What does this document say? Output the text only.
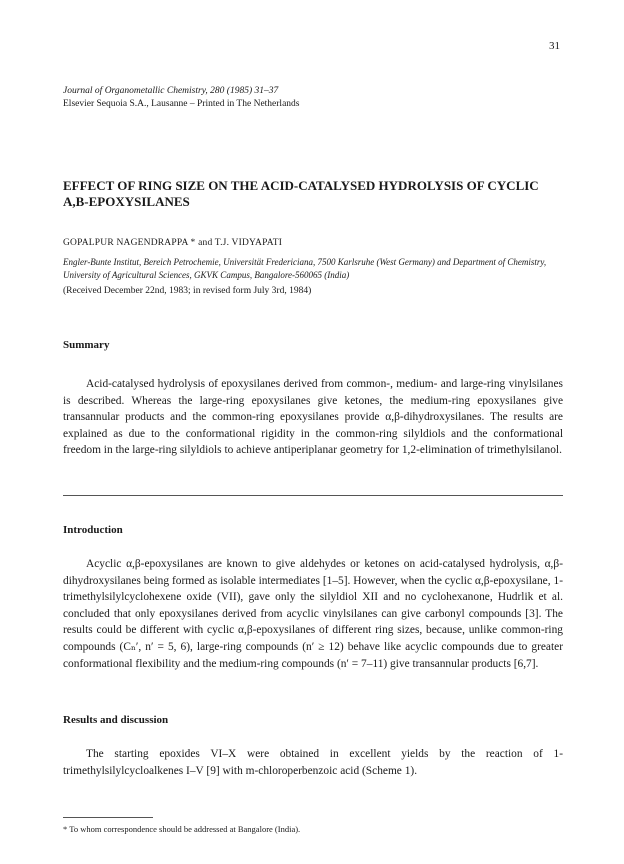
31
Journal of Organometallic Chemistry, 280 (1985) 31–37
Elsevier Sequoia S.A., Lausanne – Printed in The Netherlands
EFFECT OF RING SIZE ON THE ACID-CATALYSED HYDROLYSIS OF CYCLIC Α,Β-EPOXYSILANES
GOPALPUR NAGENDRAPPA * and T.J. VIDYAPATI
Engler-Bunte Institut, Bereich Petrochemie, Universität Fredericiana, 7500 Karlsruhe (West Germany) and Department of Chemistry, University of Agricultural Sciences, GKVK Campus, Bangalore-560065 (India)
(Received December 22nd, 1983; in revised form July 3rd, 1984)
Summary
Acid-catalysed hydrolysis of epoxysilanes derived from common-, medium- and large-ring vinylsilanes is described. Whereas the large-ring epoxysilanes give ketones, the medium-ring epoxysilanes give transannular products and the common-ring epoxysilanes provide α,β-dihydroxysilanes. The results are explained as due to the conformational rigidity in the common-ring silyldiols and the conformational freedom in the large-ring silyldiols to achieve antiperiplanar geometry for 1,2-elimination of trimethylsilanol.
Introduction
Acyclic α,β-epoxysilanes are known to give aldehydes or ketones on acid-catalysed hydrolysis, α,β-dihydroxysilanes being formed as isolable intermediates [1–5]. However, when the cyclic α,β-epoxysilane, 1-trimethylsilylcyclohexene oxide (VII), gave only the silyldiol XII and no cyclohexanone, Hudrlik et al. concluded that only epoxysilanes derived from acyclic vinylsilanes can give carbonyl compounds [3]. The results could be different with cyclic α,β-epoxysilanes of different ring sizes, because, unlike common-ring compounds (Cₙ′, n′ = 5, 6), large-ring compounds (n′ ≥ 12) behave like acyclic compounds due to greater conformational flexibility and the medium-ring compounds (n′ = 7–11) give transannular products [6,7].
Results and discussion
The starting epoxides VI–X were obtained in excellent yields by the reaction of 1-trimethylsilylcycloalkenes I–V [9] with m-chloroperbenzoic acid (Scheme 1).
* To whom correspondence should be addressed at Bangalore (India).
